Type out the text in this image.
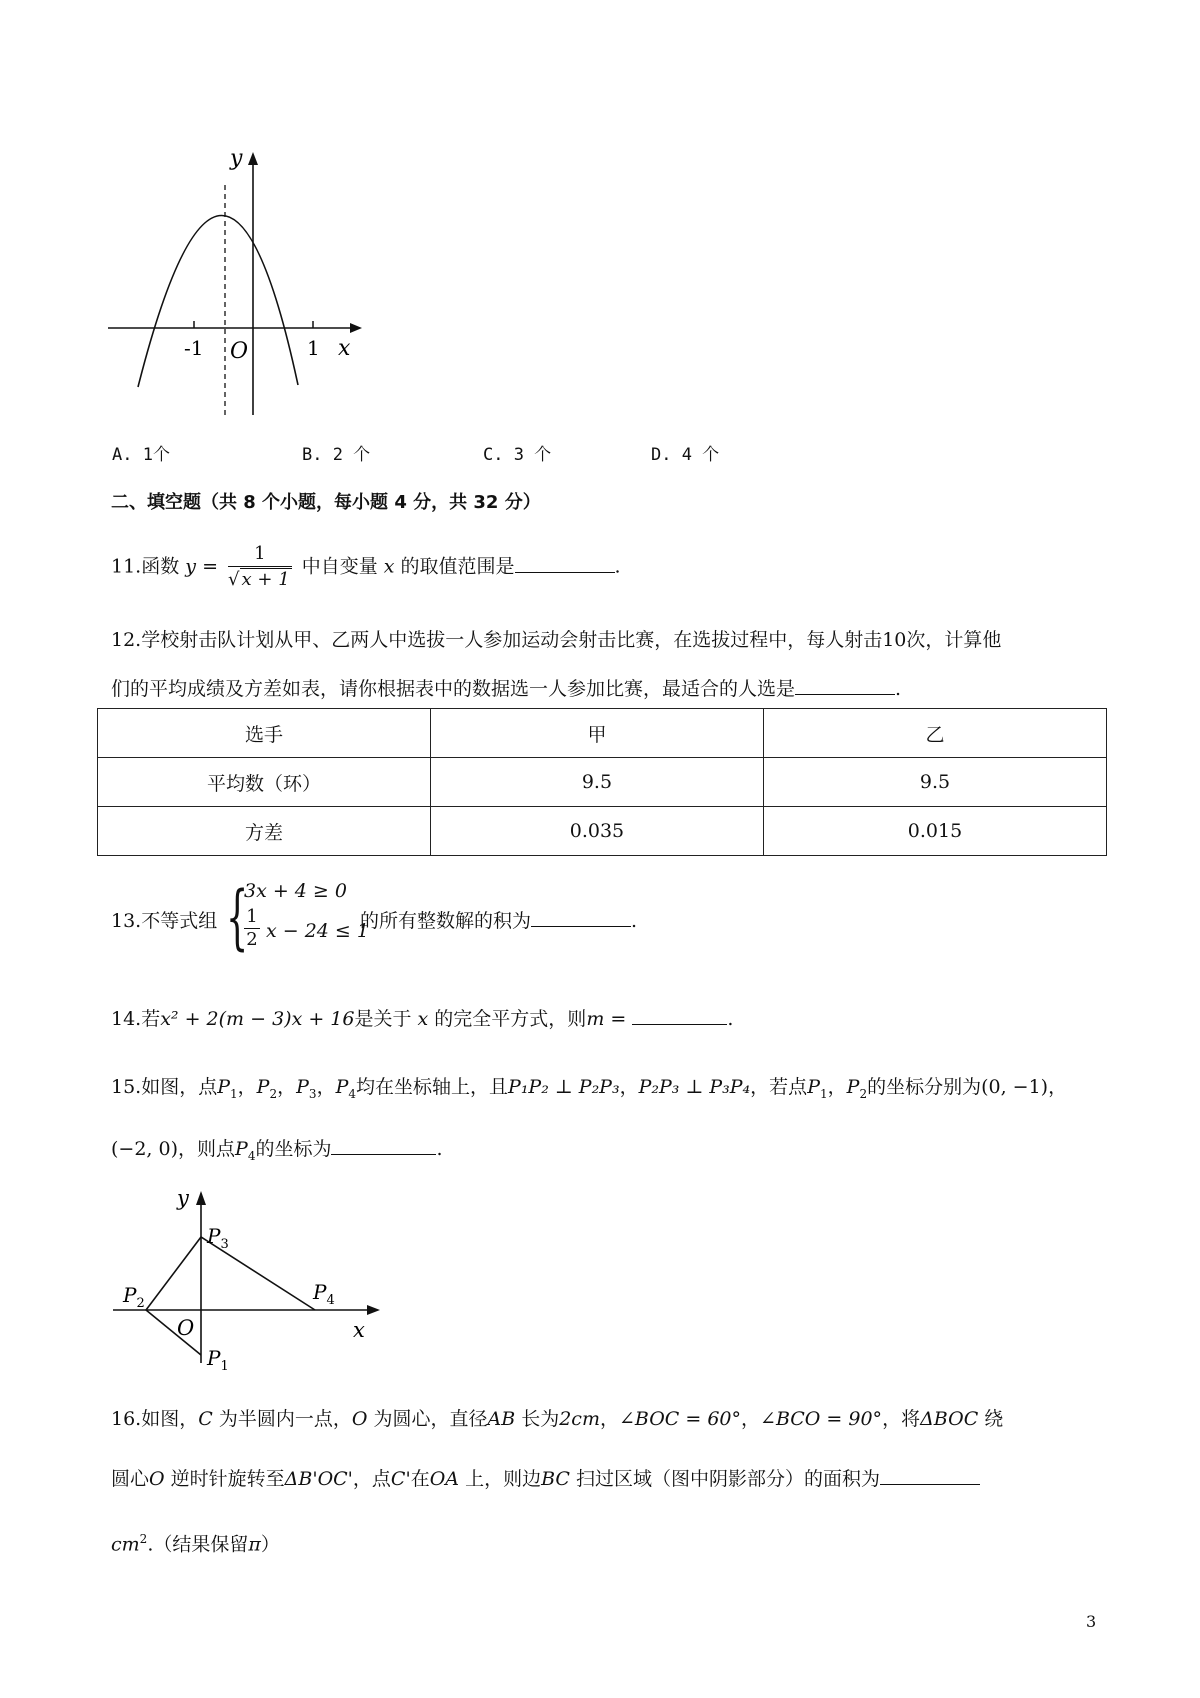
y
x
-1	1
O
A. 1个	B. 2 个	C. 3 个	D. 4 个
二、填空题（共 8 个小题，每小题 4 分，共 32 分）
11.函数 $y = \frac{1}{√ x + 1}$ 中自变量 x 的取值范围是	.
12.学校射击队计划从甲、乙两人中选拔一人参加运动会射击比赛，在选拔过程中，每人射击10次，计算他
们的平均成绩及方差如表，请你根据表中的数据选一人参加比赛，最适合的人选是	.
选手	甲	乙
平均数（环）	9.5	9.5
方差	0.035	0.015
13.不等式组 {
3x + 4 ≥ 0
1
2 x − 24 ≤ 1
的所有整数解的积为	.
14.若x² + 2(m − 3)x + 16是关于 x 的完全平方式，则m =	.
15.如图，点$P_1$，$P_2$，$P_3$，$P_4$均在坐标轴上，且P₁P₂ ⊥ P₂P₃，P₂P₃ ⊥ P₃P₄，若点$P_1$，$P_2$的坐标分别为(0, −1)，
(−2, 0)，则点$P_4$的坐标为	.
y
x
O
$P_2$
$P_3$
$P_4$
$P_1$
16.如图，C 为半圆内一点，O 为圆心，直径AB 长为2cm，∠BOC = 60°，∠BCO = 90°，将ΔBOC 绕
圆心O 逆时针旋转至ΔB'OC'，点C'在OA 上，则边BC 扫过区域（图中阴影部分）的面积为
$cm^2$.（结果保留π）
3
